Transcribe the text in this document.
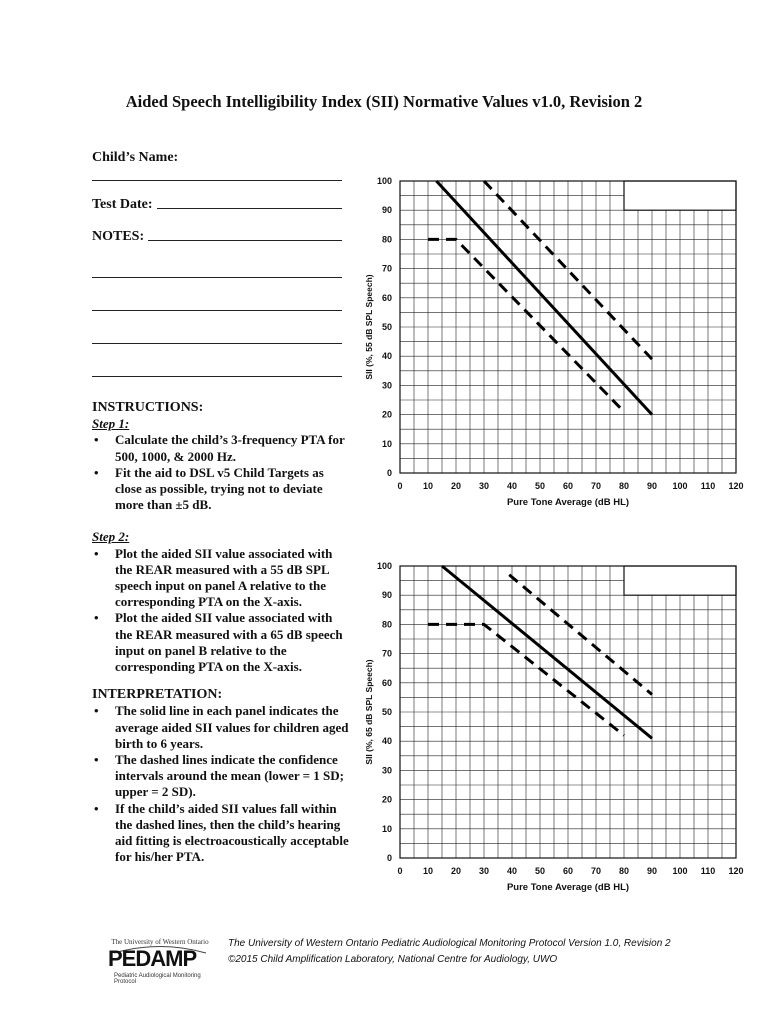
Aided Speech Intelligibility Index (SII) Normative Values v1.0, Revision 2
Child’s Name:
Test Date:
NOTES:
INSTRUCTIONS:
Step 1:
• Calculate the child’s 3-frequency PTA for 500, 1000, & 2000 Hz.
• Fit the aid to DSL v5 Child Targets as close as possible, trying not to deviate more than ±5 dB.
Step 2:
• Plot the aided SII value associated with the REAR measured with a 55 dB SPL speech input on panel A relative to the corresponding PTA on the X-axis.
• Plot the aided SII value associated with the REAR measured with a 65 dB speech input on panel B relative to the corresponding PTA on the X-axis.
INTERPRETATION:
• The solid line in each panel indicates the average aided SII values for children aged birth to 6 years.
• The dashed lines indicate the confidence intervals around the mean (lower = 1 SD; upper = 2 SD).
• If the child’s aided SII values fall within the dashed lines, then the child’s hearing aid fitting is electroacoustically acceptable for his/her PTA.
0 10 20 30 40 50 60 70 80 90 100 110 120
0
10
20
30
40
50
60
70
80
90
100
Pure Tone Average (dB HL)
SII (%, 55 dB SPL Speech)
0 10 20 30 40 50 60 70 80 90 100 110 120
0
10
20
30
40
50
60
70
80
90
100
Pure Tone Average (dB HL)
SII (%, 65 dB SPL Speech)
The University of Western Ontario
PEDAMP
Pediatric Audiological Monitoring Protocol
The University of Western Ontario Pediatric Audiological Monitoring Protocol Version 1.0, Revision 2
©2015 Child Amplification Laboratory, National Centre for Audiology, UWO
